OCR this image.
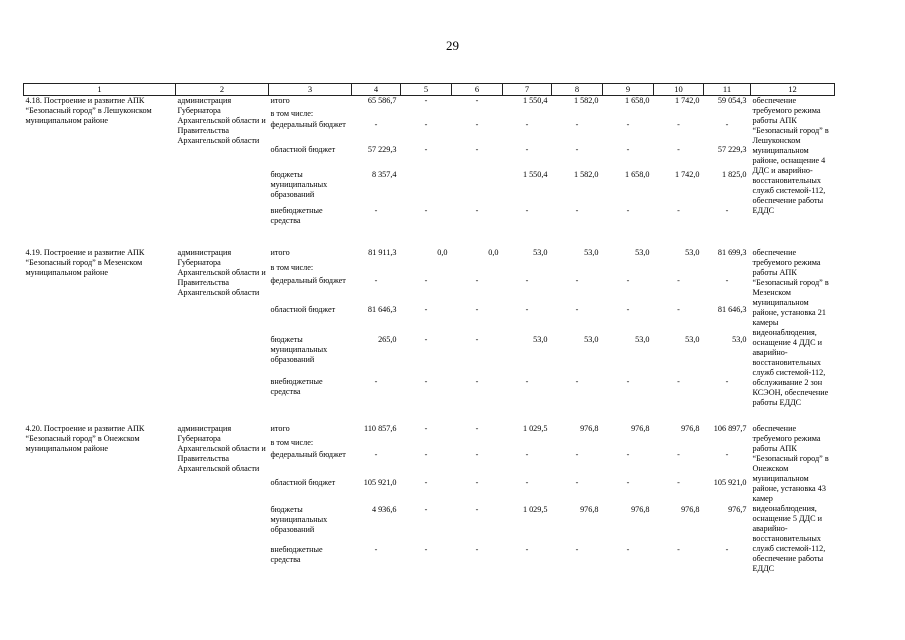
29
1	2	3	4	5	6	7	8	9	10	11	12
4.18. Построение и развитие АПК “Безопасный город” в Лешуконском муниципальном районе	администрация Губернатора Архангельской области и Правительства Архангельской области	итого	65 586,7	-	-	1 550,4	1 582,0	1 658,0	1 742,0	59 054,3	обеспечение требуемого режима работы АПК “Безопасный город” в Лешуконском муниципальном районе, оснащение 4 ДДС и аварийно-восстановительных служб системой-112, обеспечение работы ЕДДС
		в том числе:									
		федеральный бюджет	-	-	-	-	-	-	-	-	
		областной бюджет	57 229,3	-	-	-	-	-	-	57 229,3	
		бюджеты муниципальных образований	8 357,4			1 550,4	1 582,0	1 658,0	1 742,0	1 825,0	
		внебюджетные средства	-	-	-	-	-	-	-	-	

4.19. Построение и развитие АПК “Безопасный город” в Мезенском муниципальном районе	администрация Губернатора Архангельской области и Правительства Архангельской области	итого	81 911,3	0,0	0,0	53,0	53,0	53,0	53,0	81 699,3	обеспечение требуемого режима работы АПК “Безопасный город” в Мезенском муниципальном районе, установка 21 камеры видеонаблюдения, оснащение 4 ДДС и аварийно-восстановительных служб системой-112, обслуживание 2 зон КСЭОН, обеспечение работы ЕДДС
		в том числе:									
		федеральный бюджет	-	-	-	-	-	-	-	-	
		областной бюджет	81 646,3	-	-	-	-	-	-	81 646,3	
		бюджеты муниципальных образований	265,0	-	-	53,0	53,0	53,0	53,0	53,0	
		внебюджетные средства	-	-	-	-	-	-	-	-	

4.20. Построение и развитие АПК “Безопасный город” в Онежском муниципальном районе	администрация Губернатора Архангельской области и Правительства Архангельской области	итого	110 857,6	-	-	1 029,5	976,8	976,8	976,8	106 897,7	обеспечение требуемого режима работы АПК “Безопасный город” в Онежском муниципальном районе, установка 43 камер видеонаблюдения, оснащение 5 ДДС и аварийно-восстановительных служб системой-112, обеспечение работы ЕДДС
		в том числе:									
		федеральный бюджет	-	-	-	-	-	-	-	-	
		областной бюджет	105 921,0	-	-	-	-	-	-	105 921,0	
		бюджеты муниципальных образований	4 936,6	-	-	1 029,5	976,8	976,8	976,8	976,7	
		внебюджетные средства	-	-	-	-	-	-	-	-	
